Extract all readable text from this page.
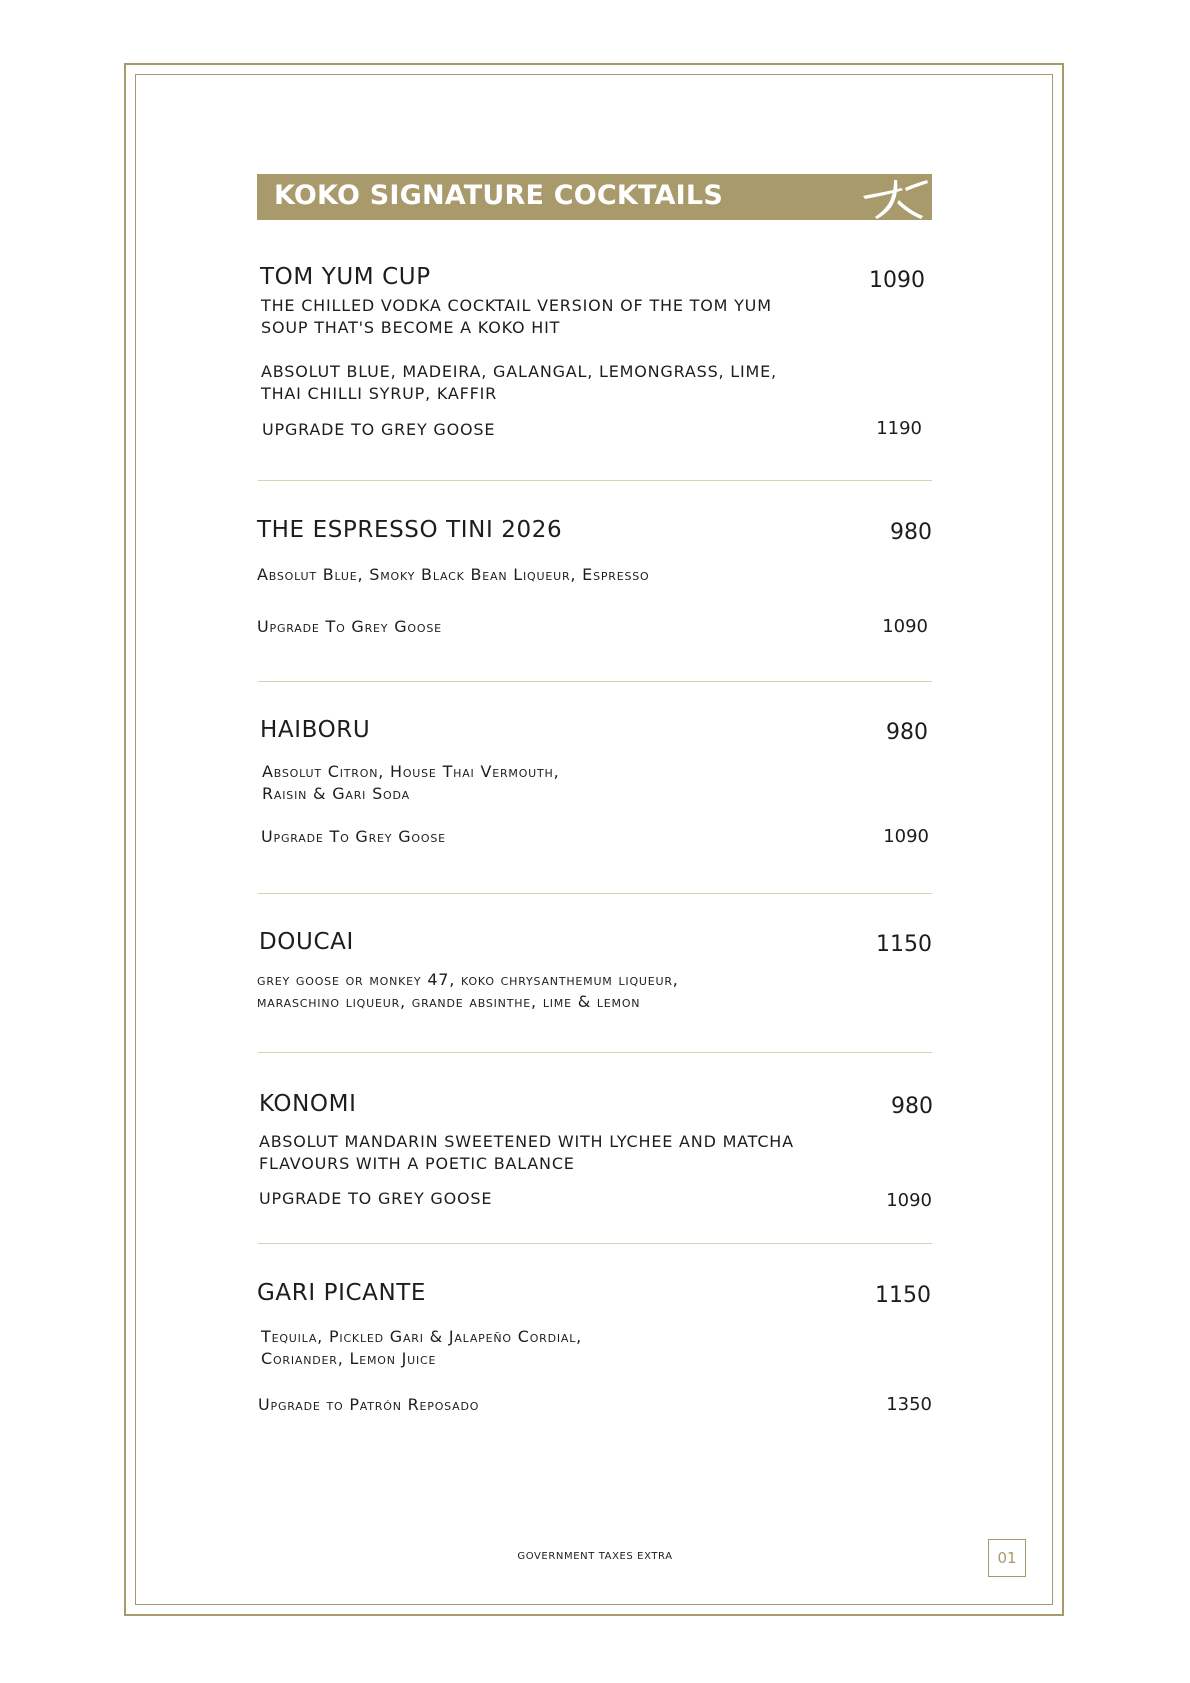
KOKO SIGNATURE COCKTAILS
TOM YUM CUP	1090
THE CHILLED VODKA COCKTAIL VERSION OF THE TOM YUM
SOUP THAT'S BECOME A KOKO HIT
ABSOLUT BLUE, MADEIRA, GALANGAL, LEMONGRASS, LIME,
THAI CHILLI SYRUP, KAFFIR
UPGRADE TO GREY GOOSE	1190
THE ESPRESSO TINI 2026	980
Absolut Blue, Smoky Black Bean Liqueur, Espresso
Upgrade To Grey Goose	1090
HAIBORU	980
Absolut Citron, House Thai Vermouth,
Raisin & Gari Soda
Upgrade To Grey Goose	1090
DOUCAI	1150
grey goose or monkey 47, koko chrysanthemum liqueur,
maraschino liqueur, grande absinthe, lime & lemon
KONOMI	980
ABSOLUT MANDARIN SWEETENED WITH LYCHEE AND MATCHA
FLAVOURS WITH A POETIC BALANCE
UPGRADE TO GREY GOOSE	1090
GARI PICANTE	1150
Tequila, Pickled Gari & Jalapeño Cordial,
Coriander, Lemon Juice
Upgrade to Patrón Reposado	1350
GOVERNMENT TAXES EXTRA	01
